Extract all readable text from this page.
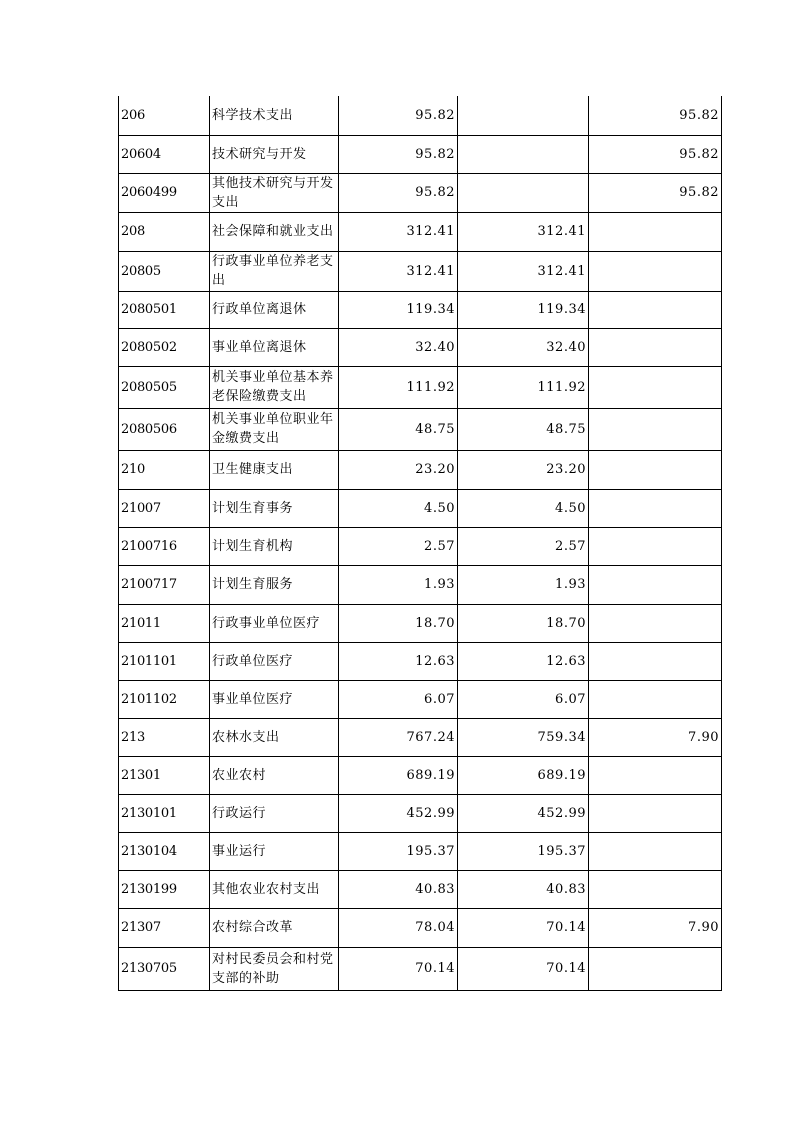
206	科学技术支出	95.82		95.82
20604	技术研究与开发	95.82		95.82
2060499	其他技术研究与开发支出	95.82		95.82
208	社会保障和就业支出	312.41	312.41	
20805	行政事业单位养老支出	312.41	312.41	
2080501	行政单位离退休	119.34	119.34	
2080502	事业单位离退休	32.40	32.40	
2080505	机关事业单位基本养老保险缴费支出	111.92	111.92	
2080506	机关事业单位职业年金缴费支出	48.75	48.75	
210	卫生健康支出	23.20	23.20	
21007	计划生育事务	4.50	4.50	
2100716	计划生育机构	2.57	2.57	
2100717	计划生育服务	1.93	1.93	
21011	行政事业单位医疗	18.70	18.70	
2101101	行政单位医疗	12.63	12.63	
2101102	事业单位医疗	6.07	6.07	
213	农林水支出	767.24	759.34	7.90
21301	农业农村	689.19	689.19	
2130101	行政运行	452.99	452.99	
2130104	事业运行	195.37	195.37	
2130199	其他农业农村支出	40.83	40.83	
21307	农村综合改革	78.04	70.14	7.90
2130705	对村民委员会和村党支部的补助	70.14	70.14	
